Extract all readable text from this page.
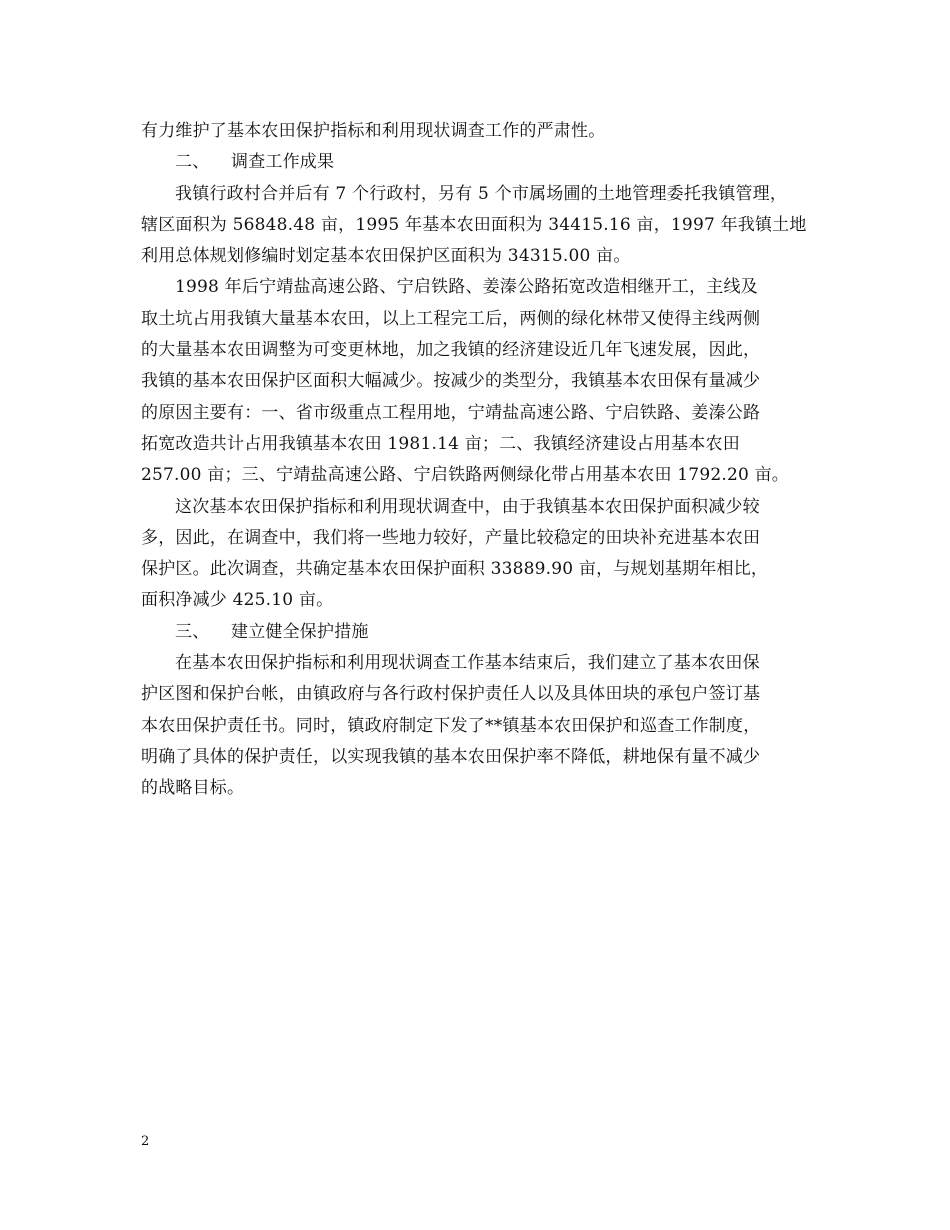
有力维护了基本农田保护指标和利用现状调查工作的严肃性。
二、 调查工作成果
我镇行政村合并后有 7 个行政村，另有 5 个市属场圃的土地管理委托我镇管理，
辖区面积为 56848.48 亩，1995 年基本农田面积为 34415.16 亩，1997 年我镇土地
利用总体规划修编时划定基本农田保护区面积为 34315.00 亩。
1998 年后宁靖盐高速公路、宁启铁路、姜溱公路拓宽改造相继开工，主线及
取土坑占用我镇大量基本农田，以上工程完工后，两侧的绿化林带又使得主线两侧
的大量基本农田调整为可变更林地，加之我镇的经济建设近几年飞速发展，因此，
我镇的基本农田保护区面积大幅减少。按减少的类型分，我镇基本农田保有量减少
的原因主要有：一、省市级重点工程用地，宁靖盐高速公路、宁启铁路、姜溱公路
拓宽改造共计占用我镇基本农田 1981.14 亩；二、我镇经济建设占用基本农田
257.00 亩；三、宁靖盐高速公路、宁启铁路两侧绿化带占用基本农田 1792.20 亩。
这次基本农田保护指标和利用现状调查中，由于我镇基本农田保护面积减少较
多，因此，在调查中，我们将一些地力较好，产量比较稳定的田块补充进基本农田
保护区。此次调查，共确定基本农田保护面积 33889.90 亩，与规划基期年相比，
面积净减少 425.10 亩。
三、 建立健全保护措施
在基本农田保护指标和利用现状调查工作基本结束后，我们建立了基本农田保
护区图和保护台帐，由镇政府与各行政村保护责任人以及具体田块的承包户签订基
本农田保护责任书。同时，镇政府制定下发了**镇基本农田保护和巡查工作制度，
明确了具体的保护责任，以实现我镇的基本农田保护率不降低，耕地保有量不减少
的战略目标。
2
